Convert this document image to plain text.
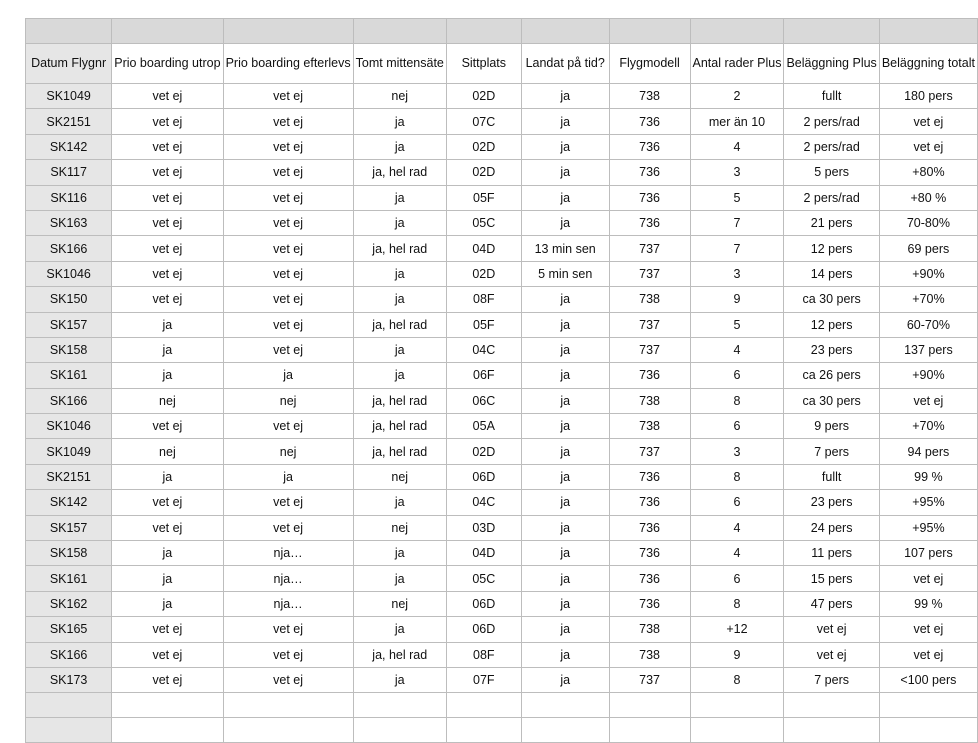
Datum Flygnr	Prio boarding utrop	Prio boarding efterlevs	Tomt mittensäte	Sittplats	Landat på tid?	Flygmodell	Antal rader Plus	Beläggning Plus	Beläggning totalt
SK1049	vet ej	vet ej	nej	02D	ja	738	2	fullt	180 pers
SK2151	vet ej	vet ej	ja	07C	ja	736	mer än 10	2 pers/rad	vet ej
SK142	vet ej	vet ej	ja	02D	ja	736	4	2 pers/rad	vet ej
SK117	vet ej	vet ej	ja, hel rad	02D	ja	736	3	5 pers	+80%
SK116	vet ej	vet ej	ja	05F	ja	736	5	2 pers/rad	+80 %
SK163	vet ej	vet ej	ja	05C	ja	736	7	21 pers	70-80%
SK166	vet ej	vet ej	ja, hel rad	04D	13 min sen	737	7	12 pers	69 pers
SK1046	vet ej	vet ej	ja	02D	5 min sen	737	3	14 pers	+90%
SK150	vet ej	vet ej	ja	08F	ja	738	9	ca 30 pers	+70%
SK157	ja	vet ej	ja, hel rad	05F	ja	737	5	12 pers	60-70%
SK158	ja	vet ej	ja	04C	ja	737	4	23 pers	137 pers
SK161	ja	ja	ja	06F	ja	736	6	ca 26 pers	+90%
SK166	nej	nej	ja, hel rad	06C	ja	738	8	ca 30 pers	vet ej
SK1046	vet ej	vet ej	ja, hel rad	05A	ja	738	6	9 pers	+70%
SK1049	nej	nej	ja, hel rad	02D	ja	737	3	7 pers	94 pers
SK2151	ja	ja	nej	06D	ja	736	8	fullt	99 %
SK142	vet ej	vet ej	ja	04C	ja	736	6	23 pers	+95%
SK157	vet ej	vet ej	nej	03D	ja	736	4	24 pers	+95%
SK158	ja	nja…	ja	04D	ja	736	4	11 pers	107 pers
SK161	ja	nja…	ja	05C	ja	736	6	15 pers	vet ej
SK162	ja	nja…	nej	06D	ja	736	8	47 pers	99 %
SK165	vet ej	vet ej	ja	06D	ja	738	+12	vet ej	vet ej
SK166	vet ej	vet ej	ja, hel rad	08F	ja	738	9	vet ej	vet ej
SK173	vet ej	vet ej	ja	07F	ja	737	8	7 pers	<100 pers
